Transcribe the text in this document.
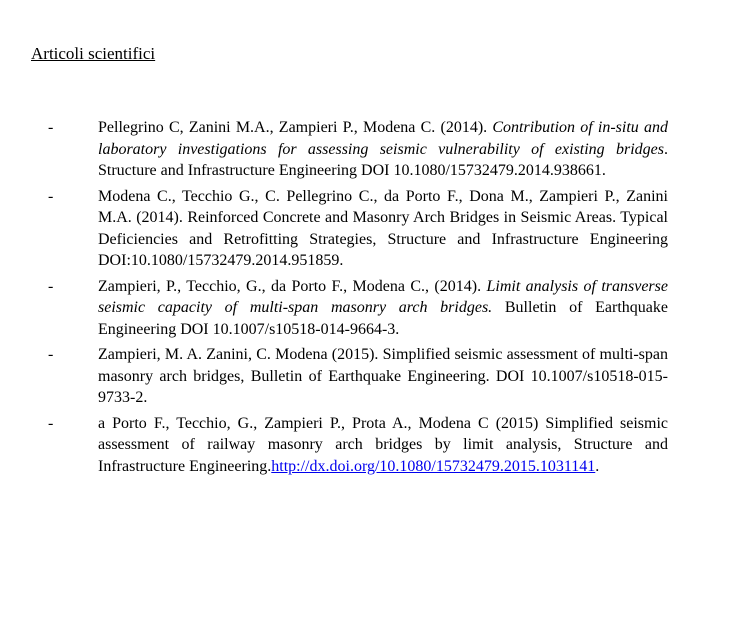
Articoli scientifici
-	Pellegrino C, Zanini M.A., Zampieri P., Modena C. (2014). Contribution of in-situ and laboratory investigations for assessing seismic vulnerability of existing bridges. Structure and Infrastructure Engineering DOI 10.1080/15732479.2014.938661.
-	Modena C., Tecchio G., C. Pellegrino C., da Porto F., Dona M., Zampieri P., Zanini M.A. (2014). Reinforced Concrete and Masonry Arch Bridges in Seismic Areas. Typical Deficiencies and Retrofitting Strategies, Structure and Infrastructure Engineering DOI:10.1080/15732479.2014.951859.
-	Zampieri, P., Tecchio, G., da Porto F., Modena C., (2014). Limit analysis of transverse seismic capacity of multi-span masonry arch bridges. Bulletin of Earthquake Engineering DOI 10.1007/s10518-014-9664-3.
-	Zampieri, M. A. Zanini, C. Modena (2015). Simplified seismic assessment of multi-span masonry arch bridges, Bulletin of Earthquake Engineering. DOI 10.1007/s10518-015-9733-2.
-	a Porto F., Tecchio, G., Zampieri P., Prota A., Modena C (2015) Simplified seismic assessment of railway masonry arch bridges by limit analysis, Structure and Infrastructure Engineering.http://dx.doi.org/10.1080/15732479.2015.1031141.
